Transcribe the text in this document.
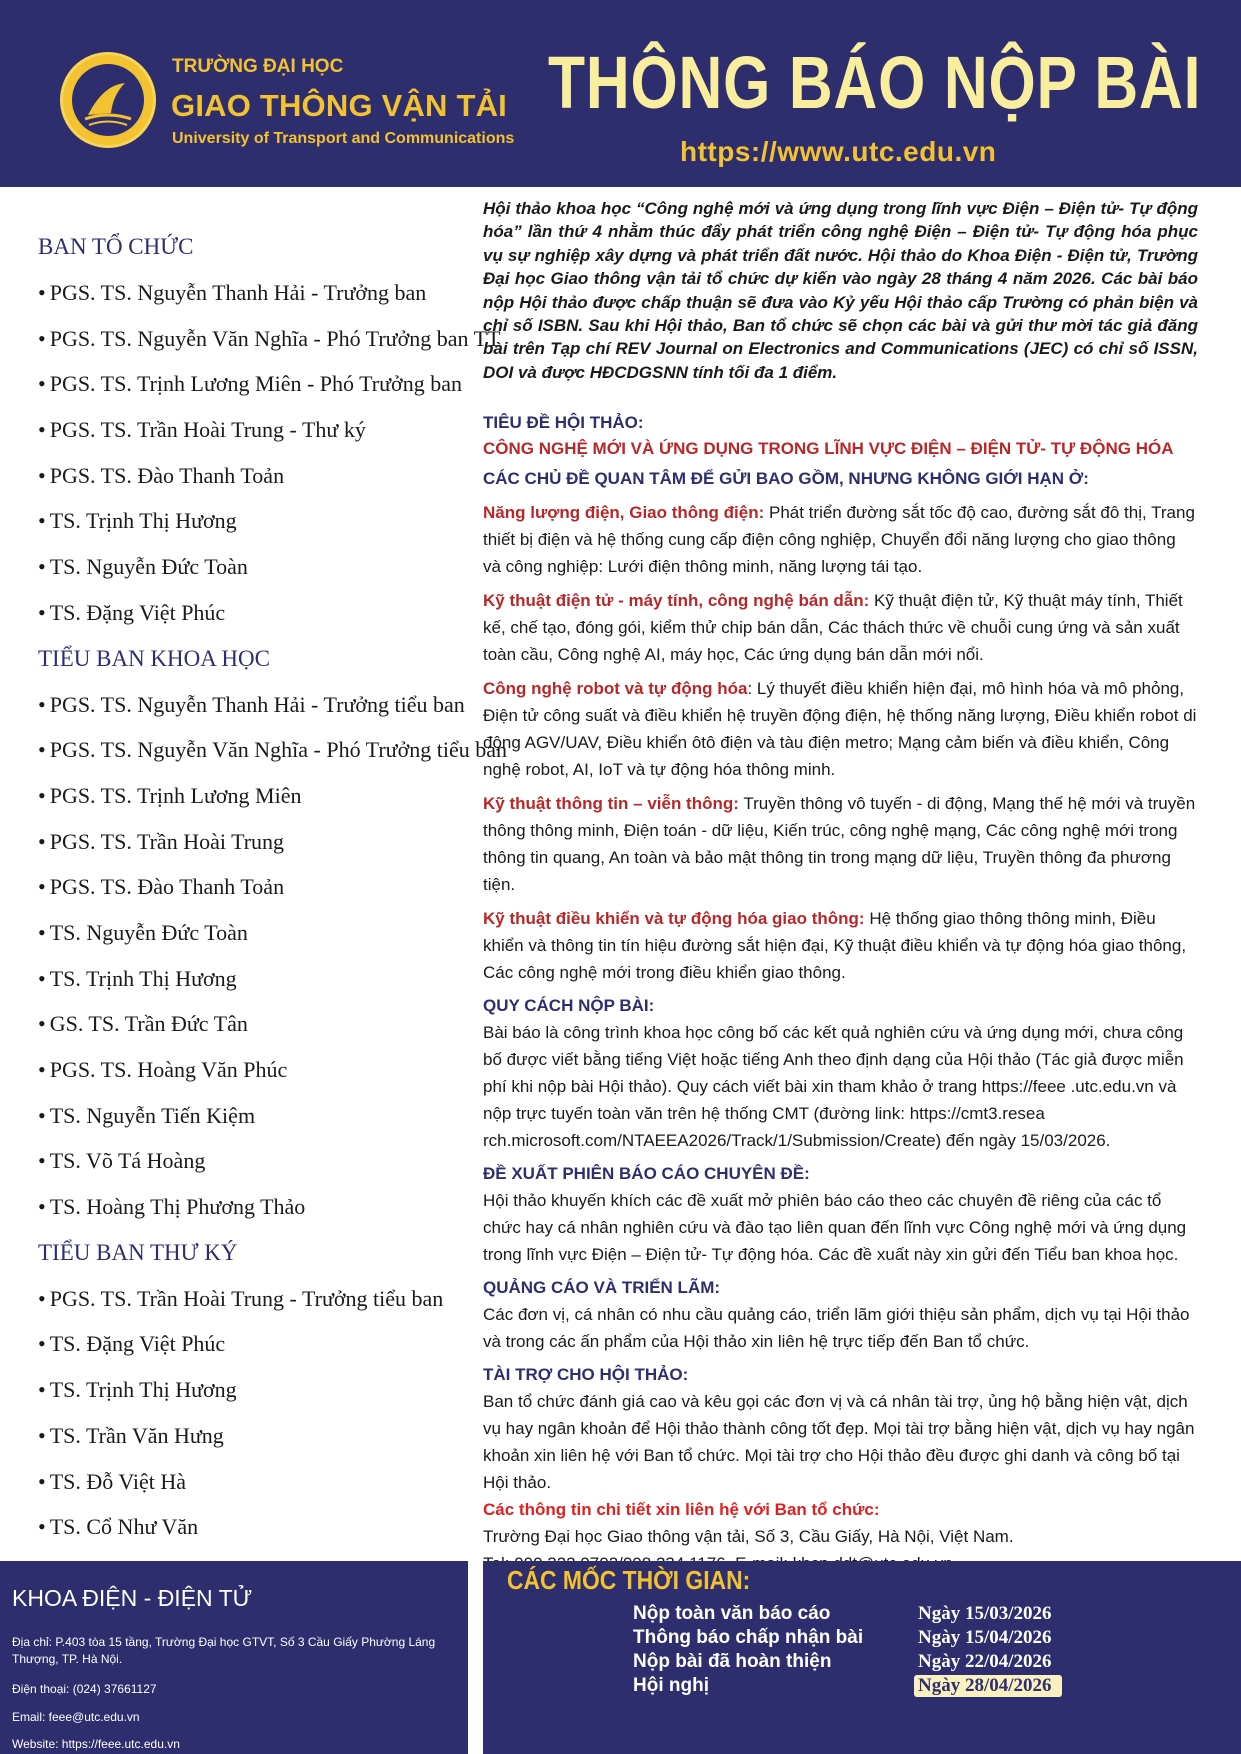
TRƯỜNG ĐẠI HỌC
GIAO THÔNG VẬN TẢI
University of Transport and Communications
THÔNG BÁO NỘP BÀI
https://www.utc.edu.vn
BAN TỔ CHỨC
• PGS. TS. Nguyễn Thanh Hải - Trưởng ban
• PGS. TS. Nguyễn Văn Nghĩa - Phó Trưởng ban TT
• PGS. TS. Trịnh Lương Miên - Phó Trưởng ban
• PGS. TS. Trần Hoài Trung - Thư ký
• PGS. TS. Đào Thanh Toản
• TS. Trịnh Thị Hương
• TS. Nguyễn Đức Toàn
• TS. Đặng Việt Phúc
TIỂU BAN KHOA HỌC
• PGS. TS. Nguyễn Thanh Hải - Trưởng tiểu ban
• PGS. TS. Nguyễn Văn Nghĩa - Phó Trưởng tiểu ban
• PGS. TS. Trịnh Lương Miên
• PGS. TS. Trần Hoài Trung
• PGS. TS. Đào Thanh Toản
• TS. Nguyễn Đức Toàn
• TS. Trịnh Thị Hương
• GS. TS. Trần Đức Tân
• PGS. TS. Hoàng Văn Phúc
• TS. Nguyễn Tiến Kiệm
• TS. Võ Tá Hoàng
• TS. Hoàng Thị Phương Thảo
TIỂU BAN THƯ KÝ
• PGS. TS. Trần Hoài Trung - Trưởng tiểu ban
• TS. Đặng Việt Phúc
• TS. Trịnh Thị Hương
• TS. Trần Văn Hưng
• TS. Đỗ Việt Hà
• TS. Cổ Như Văn

Hội thảo khoa học “Công nghệ mới và ứng dụng trong lĩnh vực Điện – Điện tử- Tự động hóa” lần thứ 4 nhằm thúc đẩy phát triển công nghệ Điện – Điện tử- Tự động hóa phục vụ sự nghiệp xây dựng và phát triển đất nước. Hội thảo do Khoa Điện - Điện tử, Trường Đại học Giao thông vận tải tổ chức dự kiến vào ngày 28 tháng 4 năm 2026. Các bài báo nộp Hội thảo được chấp thuận sẽ đưa vào Kỷ yếu Hội thảo cấp Trường có phản biện và chỉ số ISBN. Sau khi Hội thảo, Ban tổ chức sẽ chọn các bài và gửi thư mời tác giả đăng bài trên Tạp chí REV Journal on Electronics and Communications (JEC) có chỉ số ISSN, DOI và được HĐCDGSNN tính tối đa 1 điểm.

TIÊU ĐỀ HỘI THẢO:
CÔNG NGHỆ MỚI VÀ ỨNG DỤNG TRONG LĨNH VỰC ĐIỆN – ĐIỆN TỬ- TỰ ĐỘNG HÓA
CÁC CHỦ ĐỀ QUAN TÂM ĐỂ GỬI BAO GỒM, NHƯNG KHÔNG GIỚI HẠN Ở:

Năng lượng điện, Giao thông điện: Phát triển đường sắt tốc độ cao, đường sắt đô thị, Trang thiết bị điện và hệ thống cung cấp điện công nghiệp, Chuyển đổi năng lượng cho giao thông và công nghiệp: Lưới điện thông minh, năng lượng tái tạo.

Kỹ thuật điện tử - máy tính, công nghệ bán dẫn: Kỹ thuật điện tử, Kỹ thuật máy tính, Thiết kế, chế tạo, đóng gói, kiểm thử chip bán dẫn, Các thách thức về chuỗi cung ứng và sản xuất toàn cầu, Công nghệ AI, máy học, Các ứng dụng bán dẫn mới nổi.

Công nghệ robot và tự động hóa: Lý thuyết điều khiển hiện đại, mô hình hóa và mô phỏng, Điện tử công suất và điều khiển hệ truyền động điện, hệ thống năng lượng, Điều khiển robot di động AGV/UAV, Điều khiển ôtô điện và tàu điện metro; Mạng cảm biến và điều khiển, Công nghệ robot, AI, IoT và tự động hóa thông minh.

Kỹ thuật thông tin – viễn thông: Truyền thông vô tuyến - di động, Mạng thế hệ mới và truyền thông thông minh, Điện toán - dữ liệu, Kiến trúc, công nghệ mạng, Các công nghệ mới trong thông tin quang, An toàn và bảo mật thông tin trong mạng dữ liệu, Truyền thông đa phương tiện.

Kỹ thuật điều khiển và tự động hóa giao thông: Hệ thống giao thông thông minh, Điều khiển và thông tin tín hiệu đường sắt hiện đại, Kỹ thuật điều khiển và tự động hóa giao thông, Các công nghệ mới trong điều khiển giao thông.

QUY CÁCH NỘP BÀI:

Bài báo là công trình khoa học công bố các kết quả nghiên cứu và ứng dụng mới, chưa công bố được viết bằng tiếng Việt hoặc tiếng Anh theo định dạng của Hội thảo (Tác giả được miễn phí khi nộp bài Hội thảo). Quy cách viết bài xin tham khảo ở trang https://feee .utc.edu.vn và nộp trực tuyến toàn văn trên hệ thống CMT (đường link: https://cmt3.resea rch.microsoft.com/NTAEEA2026/Track/1/Submission/Create) đến ngày 15/03/2026.

ĐỀ XUẤT PHIÊN BÁO CÁO CHUYÊN ĐỀ:

Hội thảo khuyến khích các đề xuất mở phiên báo cáo theo các chuyên đề riêng của các tổ chức hay cá nhân nghiên cứu và đào tạo liên quan đến lĩnh vực Công nghệ mới và ứng dụng trong lĩnh vực Điện – Điện tử- Tự động hóa. Các đề xuất này xin gửi đến Tiểu ban khoa học.

QUẢNG CÁO VÀ TRIỂN LÃM:

Các đơn vị, cá nhân có nhu cầu quảng cáo, triển lãm giới thiệu sản phẩm, dịch vụ tại Hội thảo và trong các ấn phẩm của Hội thảo xin liên hệ trực tiếp đến Ban tổ chức.

TÀI TRỢ CHO HỘI THẢO:

Ban tổ chức đánh giá cao và kêu gọi các đơn vị và cá nhân tài trợ, ủng hộ bằng hiện vật, dịch vụ hay ngân khoản để Hội thảo thành công tốt đẹp. Mọi tài trợ bằng hiện vật, dịch vụ hay ngân khoản xin liên hệ với Ban tổ chức. Mọi tài trợ cho Hội thảo đều được ghi danh và công bố tại Hội thảo.

Các thông tin chi tiết xin liên hệ với Ban tổ chức:
Trường Đại học Giao thông vận tải, Số 3, Cầu Giấy, Hà Nội, Việt Nam.
KHOA ĐIỆN - ĐIỆN TỬ
Địa chỉ: P.403 tòa 15 tầng, Trường Đại học GTVT, Số 3 Cầu Giấy Phường Láng Thượng, TP. Hà Nội.
Điện thoại: (024) 37661127
Email: feee@utc.edu.vn
Website: https://feee.utc.edu.vn
CÁC MỐC THỜI GIAN:
Nộp toàn văn báo cáo	Ngày 15/03/2026
Thông báo chấp nhận bài	Ngày 15/04/2026
Nộp bài đã hoàn thiện	Ngày 22/04/2026
Hội nghị	Ngày 28/04/2026
